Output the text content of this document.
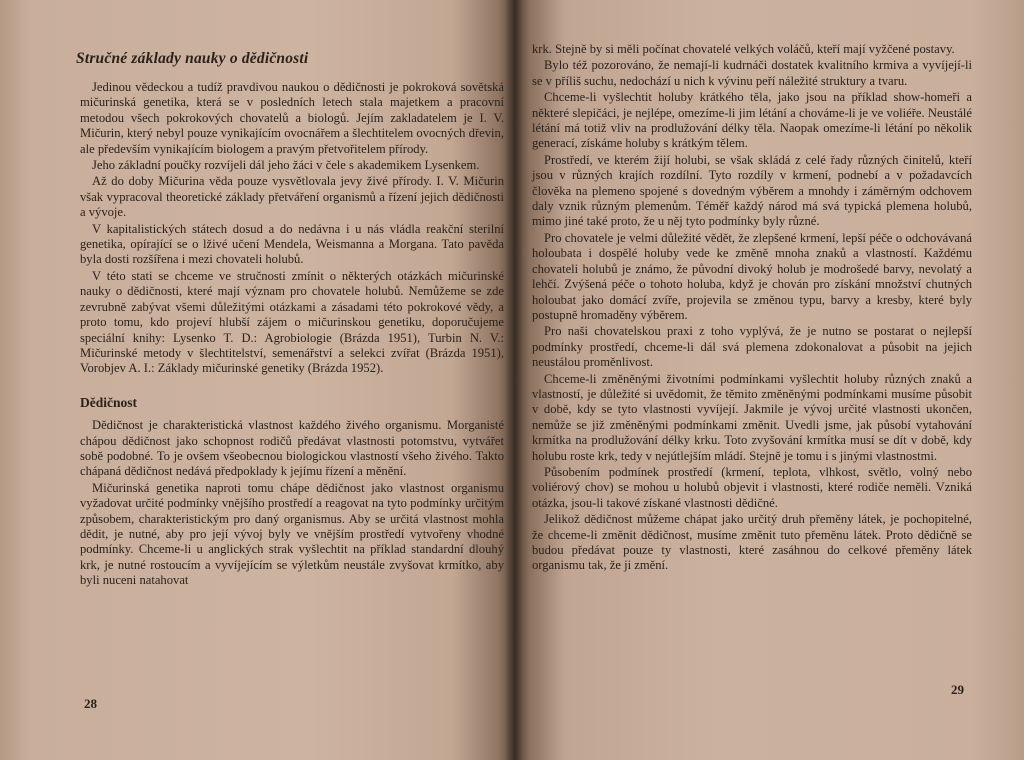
Stručné základy nauky o dědičnosti

Jedinou vědeckou a tudíž pravdivou naukou o dědičnosti je pokroková sovětská mičurinská genetika, která se v posledních letech stala majetkem a pracovní metodou všech pokrokových chovatelů a biologů. Jejím zakladatelem je I. V. Mičurin, který nebyl pouze vynikajícím ovocnářem a šlechtitelem ovocných dřevin, ale především vynikajícím biologem a pravým přetvořitelem přírody.

Jeho základní poučky rozvíjeli dál jeho žáci v čele s akademikem Lysenkem.

Až do doby Mičurina věda pouze vysvětlovala jevy živé přírody. I. V. Mičurin však vypracoval theoretické základy přetváření organismů a řízení jejich dědičnosti a vývoje.

V kapitalistických státech dosud a do nedávna i u nás vládla reakční sterilní genetika, opírající se o lživé učení Mendela, Weismanna a Morgana. Tato pavěda byla dosti rozšířena i mezi chovateli holubů.

V této stati se chceme ve stručnosti zmínit o některých otázkách mičurinské nauky o dědičnosti, které mají význam pro chovatele holubů. Nemůžeme se zde zevrubně zabývat všemi důležitými otázkami a zásadami této pokrokové vědy, a proto tomu, kdo projeví hlubší zájem o mičurinskou genetiku, doporučujeme speciální knihy: Lysenko T. D.: Agrobiologie (Brázda 1951), Turbin N. V.: Mičurinské metody v šlechtitelství, semenářství a selekci zvířat (Brázda 1951), Vorobjev A. I.: Základy mičurinské genetiky (Brázda 1952).

Dědičnost

Dědičnost je charakteristická vlastnost každého živého organismu. Morganisté chápou dědičnost jako schopnost rodičů předávat vlastnosti potomstvu, vytvářet sobě podobné. To je ovšem všeobecnou biologickou vlastností všeho živého. Takto chápaná dědičnost nedává předpoklady k jejímu řízení a měnění.

Mičurinská genetika naproti tomu chápe dědičnost jako vlastnost organismu vyžadovat určité podmínky vnějšího prostředí a reagovat na tyto podmínky určitým způsobem, charakteristickým pro daný organismus. Aby se určitá vlastnost mohla dědit, je nutné, aby pro její vývoj byly ve vnějším prostředí vytvořeny vhodné podmínky. Chceme-li u anglických strak vyšlechtit na příklad standardní dlouhý krk, je nutné rostoucím a vyvíjejícím se výletkům neustále zvyšovat krmítko, aby byli nuceni natahovat

28

krk. Stejně by si měli počínat chovatelé velkých voláčů, kteří mají vyžčené postavy.

Bylo též pozorováno, že nemají-li kudrnáči dostatek kvalitního krmiva a vyvíjejí-li se v příliš suchu, nedochází u nich k vývinu peří náležité struktury a tvaru.

Chceme-li vyšlechtit holuby krátkého těla, jako jsou na příklad show-homeři a některé slepičáci, je nejlépe, omezíme-li jim létání a chováme-li je ve voliéře. Neustálé létání má totiž vliv na prodlužování délky těla. Naopak omezíme-li létání po několik generací, získáme holuby s krátkým tělem.

Prostředí, ve kterém žijí holubi, se však skládá z celé řady různých činitelů, kteří jsou v různých krajích rozdílní. Tyto rozdíly v krmení, podnebí a v požadavcích člověka na plemeno spojené s dovedným výběrem a mnohdy i záměrným odchovem daly vznik různým plemenům. Téměř každý národ má svá typická plemena holubů, mimo jiné také proto, že u něj tyto podmínky byly různé.

Pro chovatele je velmi důležité vědět, že zlepšené krmení, lepší péče o odchovávaná holoubata i dospělé holuby vede ke změně mnoha znaků a vlastností. Každému chovateli holubů je známo, že původní divoký holub je modrošedé barvy, nevolatý a lehčí. Zvýšená péče o tohoto holuba, když je chován pro získání množství chutných holoubat jako domácí zvíře, projevila se změnou typu, barvy a kresby, které byly postupně hromaděny výběrem.

Pro naši chovatelskou praxi z toho vyplývá, že je nutno se postarat o nejlepší podmínky prostředí, chceme-li dál svá plemena zdokonalovat a působit na jejich neustálou proměnlivost.

Chceme-li změněnými životními podmínkami vyšlechtit holuby různých znaků a vlastností, je důležité si uvědomit, že těmito změněnými podmínkami musíme působit v době, kdy se tyto vlastnosti vyvíjejí. Jakmile je vývoj určité vlastnosti ukončen, nemůže se již změněnými podmínkami změnit. Uvedli jsme, jak působí vytahování krmítka na prodlužování délky krku. Toto zvyšování krmítka musí se dít v době, kdy holubu roste krk, tedy v nejútlejším mládí. Stejně je tomu i s jinými vlastnostmi.

Působením podmínek prostředí (krmení, teplota, vlhkost, světlo, volný nebo voliérový chov) se mohou u holubů objevit i vlastnosti, které rodiče neměli. Vzniká otázka, jsou-li takové získané vlastnosti dědičné.

Jelikož dědičnost můžeme chápat jako určitý druh přeměny látek, je pochopitelné, že chceme-li změnit dědičnost, musíme změnit tuto přeměnu látek. Proto dědičně se budou předávat pouze ty vlastnosti, které zasáhnou do celkové přeměny látek organismu tak, že ji změní.

29
